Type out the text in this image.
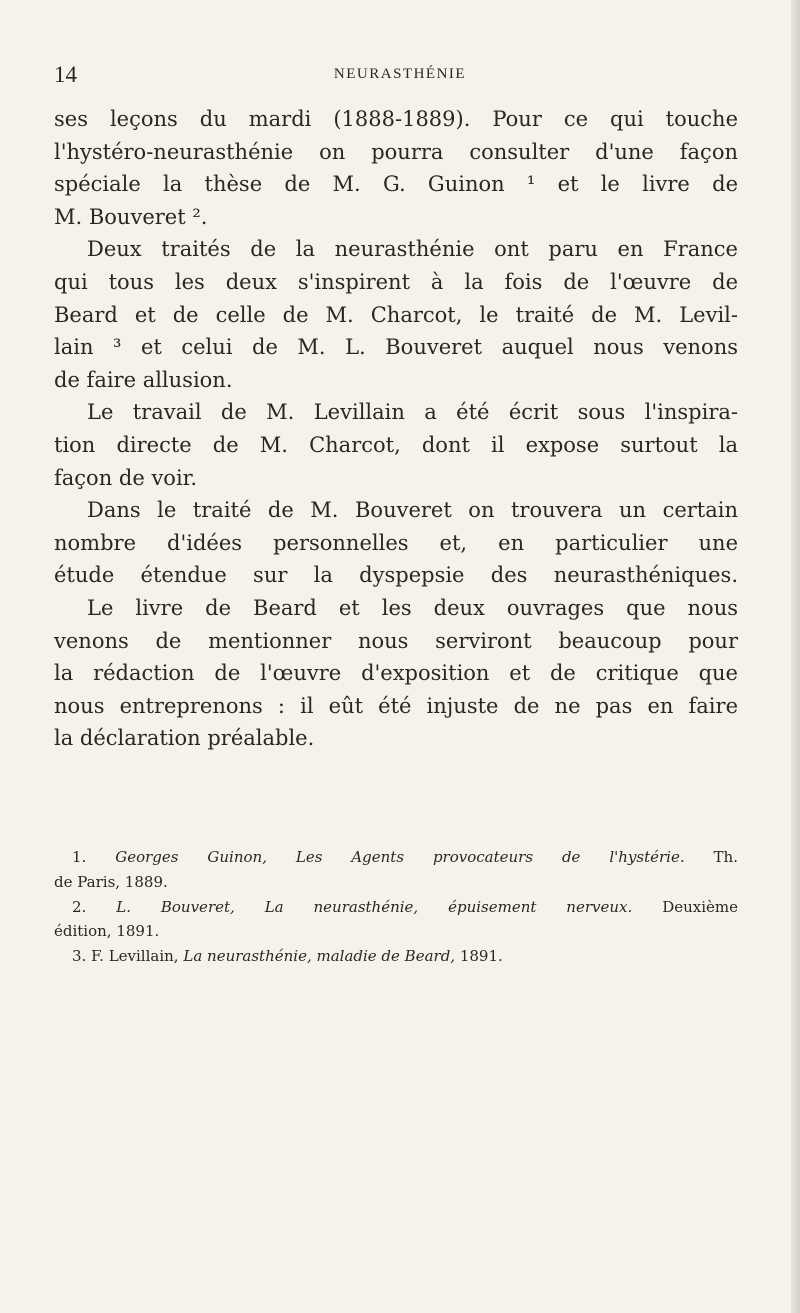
14	NEURASTHÉNIE
ses leçons du mardi (1888-1889). Pour ce qui touche
l'hystéro-neurasthénie on pourra consulter d'une façon
spéciale la thèse de M. G. Guinon ¹ et le livre de
M. Bouveret ².
Deux traités de la neurasthénie ont paru en France
qui tous les deux s'inspirent à la fois de l'œuvre de
Beard et de celle de M. Charcot, le traité de M. Levil-
lain ³ et celui de M. L. Bouveret auquel nous venons
de faire allusion.
Le travail de M. Levillain a été écrit sous l'inspira-
tion directe de M. Charcot, dont il expose surtout la
façon de voir.
Dans le traité de M. Bouveret on trouvera un certain
nombre d'idées personnelles et, en particulier une
étude étendue sur la dyspepsie des neurasthéniques.
Le livre de Beard et les deux ouvrages que nous
venons de mentionner nous serviront beaucoup pour
la rédaction de l'œuvre d'exposition et de critique que
nous entreprenons : il eût été injuste de ne pas en faire
la déclaration préalable.
1. Georges Guinon, Les Agents provocateurs de l'hystérie. Th.
de Paris, 1889.
2. L. Bouveret, La neurasthénie, épuisement nerveux. Deuxième
édition, 1891.
3. F. Levillain, La neurasthénie, maladie de Beard, 1891.
